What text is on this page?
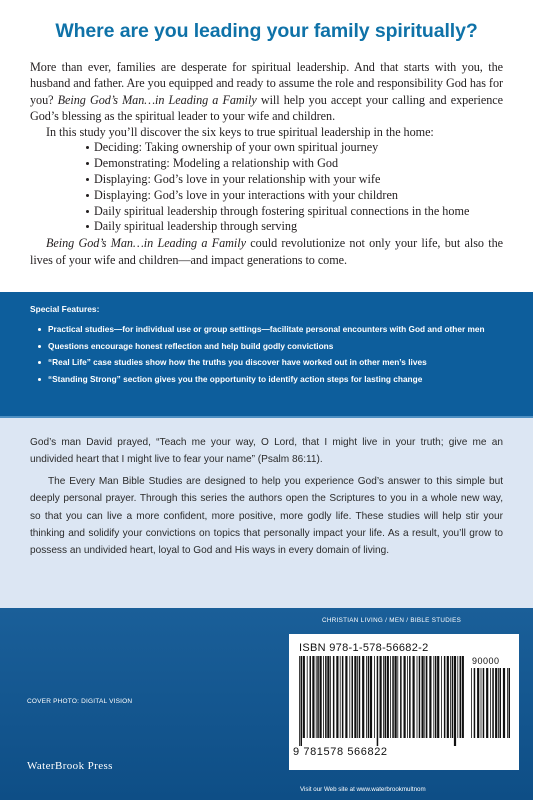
Where are you leading your family spiritually?

More than ever, families are desperate for spiritual leadership. And that starts with you, the husband and father. Are you equipped and ready to assume the role and responsibility God has for you? Being God’s Man…in Leading a Family will help you accept your calling and experience God’s blessing as the spiritual leader to your wife and children.

In this study you’ll discover the six keys to true spiritual leadership in the home:

Deciding: Taking ownership of your own spiritual journey
Demonstrating: Modeling a relationship with God
Displaying: God’s love in your relationship with your wife
Displaying: God’s love in your interactions with your children
Daily spiritual leadership through fostering spiritual connections in the home
Daily spiritual leadership through serving

Being God’s Man…in Leading a Family could revolutionize not only your life, but also the lives of your wife and children—and impact generations to come.

Special Features:
Practical studies—for individual use or group settings—facilitate personal encounters with God and other men
Questions encourage honest reflection and help build godly convictions
“Real Life” case studies show how the truths you discover have worked out in other men’s lives
“Standing Strong” section gives you the opportunity to identify action steps for lasting change

God’s man David prayed, “Teach me your way, O Lord, that I might live in your truth; give me an undivided heart that I might live to fear your name” (Psalm 86:11).

The Every Man Bible Studies are designed to help you experience God’s answer to this simple but deeply personal prayer. Through this series the authors open the Scriptures to you in a whole new way, so that you can live a more confident, more positive, more godly life. These studies will help stir your thinking and solidify your convictions on topics that personally impact your life. As a result, you’ll grow to possess an undivided heart, loyal to God and His ways in every domain of living.

CHRISTIAN LIVING / MEN / BIBLE STUDIES
ISBN 978-1-578-56682-2
90000
9 781578 566822
COVER PHOTO: DIGITAL VISION
WaterBrook Press
Visit our Web site at www.waterbrookmultnom
